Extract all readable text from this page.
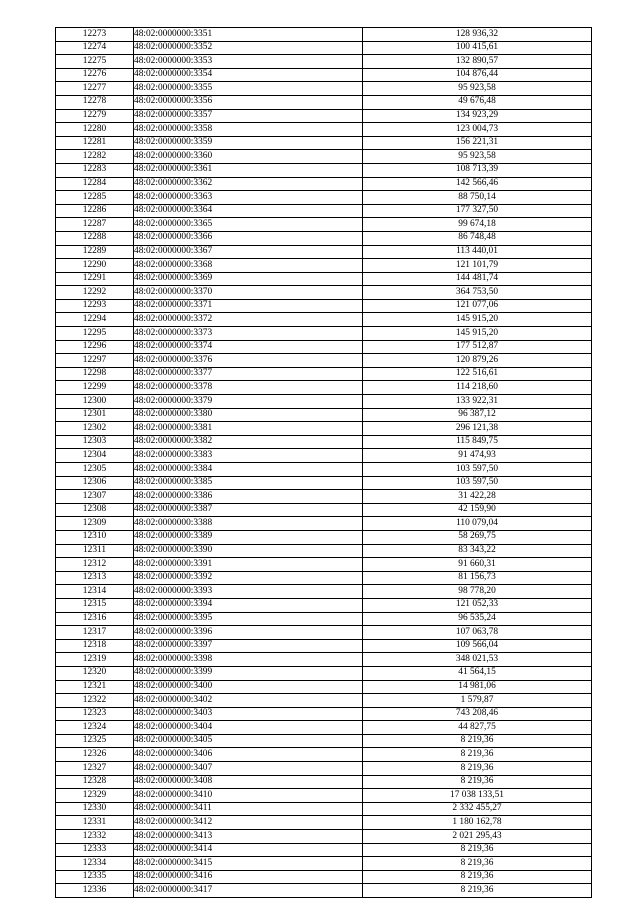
12273	48:02:0000000:3351	128 936,32
12274	48:02:0000000:3352	100 415,61
12275	48:02:0000000:3353	132 890,57
12276	48:02:0000000:3354	104 876,44
12277	48:02:0000000:3355	95 923,58
12278	48:02:0000000:3356	49 676,48
12279	48:02:0000000:3357	134 923,29
12280	48:02:0000000:3358	123 004,73
12281	48:02:0000000:3359	156 221,31
12282	48:02:0000000:3360	95 923,58
12283	48:02:0000000:3361	108 713,39
12284	48:02:0000000:3362	142 566,46
12285	48:02:0000000:3363	88 750,14
12286	48:02:0000000:3364	177 327,50
12287	48:02:0000000:3365	99 674,18
12288	48:02:0000000:3366	86 748,48
12289	48:02:0000000:3367	113 440,01
12290	48:02:0000000:3368	121 101,79
12291	48:02:0000000:3369	144 481,74
12292	48:02:0000000:3370	364 753,50
12293	48:02:0000000:3371	121 077,06
12294	48:02:0000000:3372	145 915,20
12295	48:02:0000000:3373	145 915,20
12296	48:02:0000000:3374	177 512,87
12297	48:02:0000000:3376	120 879,26
12298	48:02:0000000:3377	122 516,61
12299	48:02:0000000:3378	114 218,60
12300	48:02:0000000:3379	133 922,31
12301	48:02:0000000:3380	96 387,12
12302	48:02:0000000:3381	296 121,38
12303	48:02:0000000:3382	115 849,75
12304	48:02:0000000:3383	91 474,93
12305	48:02:0000000:3384	103 597,50
12306	48:02:0000000:3385	103 597,50
12307	48:02:0000000:3386	31 422,28
12308	48:02:0000000:3387	42 159,90
12309	48:02:0000000:3388	110 079,04
12310	48:02:0000000:3389	58 269,75
12311	48:02:0000000:3390	83 343,22
12312	48:02:0000000:3391	91 660,31
12313	48:02:0000000:3392	81 156,73
12314	48:02:0000000:3393	98 778,20
12315	48:02:0000000:3394	121 052,33
12316	48:02:0000000:3395	96 535,24
12317	48:02:0000000:3396	107 063,78
12318	48:02:0000000:3397	109 566,04
12319	48:02:0000000:3398	348 021,53
12320	48:02:0000000:3399	41 564,15
12321	48:02:0000000:3400	14 981,06
12322	48:02:0000000:3402	1 579,87
12323	48:02:0000000:3403	743 208,46
12324	48:02:0000000:3404	44 827,75
12325	48:02:0000000:3405	8 219,36
12326	48:02:0000000:3406	8 219,36
12327	48:02:0000000:3407	8 219,36
12328	48:02:0000000:3408	8 219,36
12329	48:02:0000000:3410	17 038 133,51
12330	48:02:0000000:3411	2 332 455,27
12331	48:02:0000000:3412	1 180 162,78
12332	48:02:0000000:3413	2 021 295,43
12333	48:02:0000000:3414	8 219,36
12334	48:02:0000000:3415	8 219,36
12335	48:02:0000000:3416	8 219,36
12336	48:02:0000000:3417	8 219,36
